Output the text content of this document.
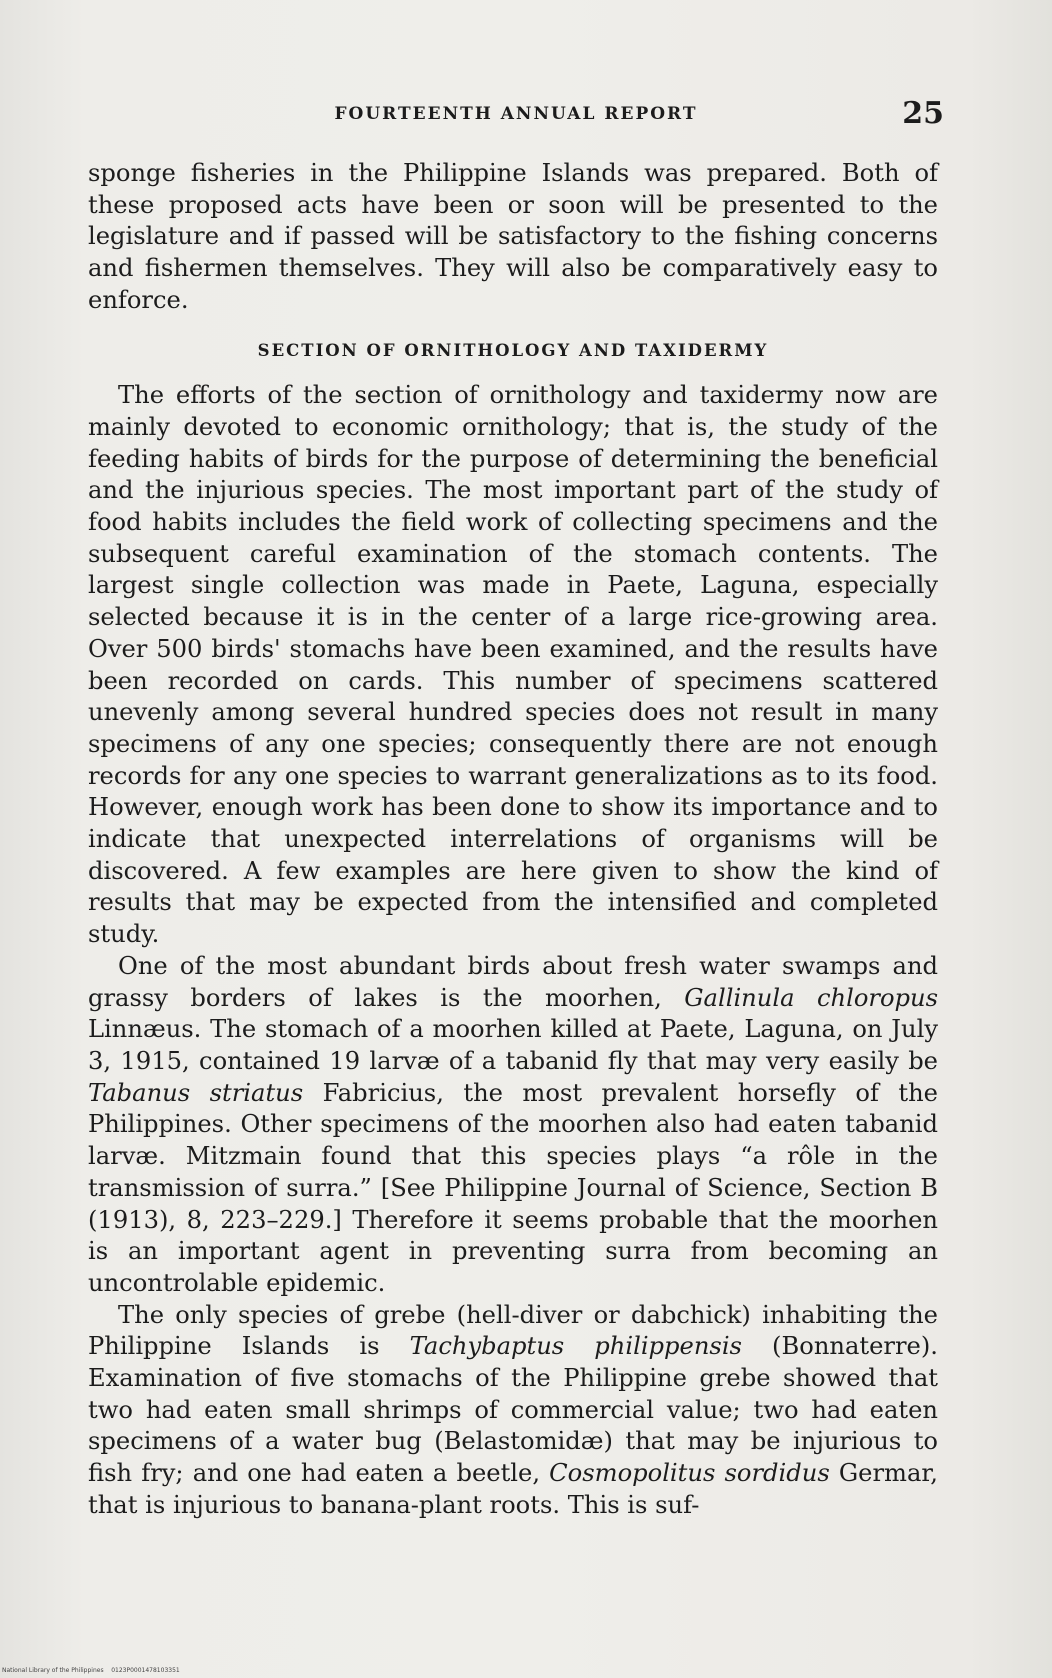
FOURTEENTH ANNUAL REPORT	25

sponge fisheries in the Philippine Islands was prepared. Both of these proposed acts have been or soon will be presented to the legislature and if passed will be satisfactory to the fishing concerns and fishermen themselves. They will also be comparatively easy to enforce.

SECTION OF ORNITHOLOGY AND TAXIDERMY

The efforts of the section of ornithology and taxidermy now are mainly devoted to economic ornithology; that is, the study of the feeding habits of birds for the purpose of determining the beneficial and the injurious species. The most important part of the study of food habits includes the field work of collecting specimens and the subsequent careful examination of the stomach contents. The largest single collection was made in Paete, Laguna, especially selected because it is in the center of a large rice-growing area. Over 500 birds' stomachs have been examined, and the results have been recorded on cards. This number of specimens scattered unevenly among several hundred species does not result in many specimens of any one species; consequently there are not enough records for any one species to warrant generalizations as to its food. However, enough work has been done to show its importance and to indicate that unexpected interrelations of organisms will be discovered. A few examples are here given to show the kind of results that may be expected from the intensified and completed study.

One of the most abundant birds about fresh water swamps and grassy borders of lakes is the moorhen, Gallinula chloropus Linnæus. The stomach of a moorhen killed at Paete, Laguna, on July 3, 1915, contained 19 larvæ of a tabanid fly that may very easily be Tabanus striatus Fabricius, the most prevalent horsefly of the Philippines. Other specimens of the moorhen also had eaten tabanid larvæ. Mitzmain found that this species plays “a rôle in the transmission of surra.” [See Philippine Journal of Science, Section B (1913), 8, 223–229.] Therefore it seems probable that the moorhen is an important agent in preventing surra from becoming an uncontrolable epidemic.

The only species of grebe (hell-diver or dabchick) inhabiting the Philippine Islands is Tachybaptus philippensis (Bonnaterre). Examination of five stomachs of the Philippine grebe showed that two had eaten small shrimps of commercial value; two had eaten specimens of a water bug (Belastomidæ) that may be injurious to fish fry; and one had eaten a beetle, Cosmopolitus sordidus Germar, that is injurious to banana-plant roots. This is suf-

National Library of the Philippines    0123P0001478103351
